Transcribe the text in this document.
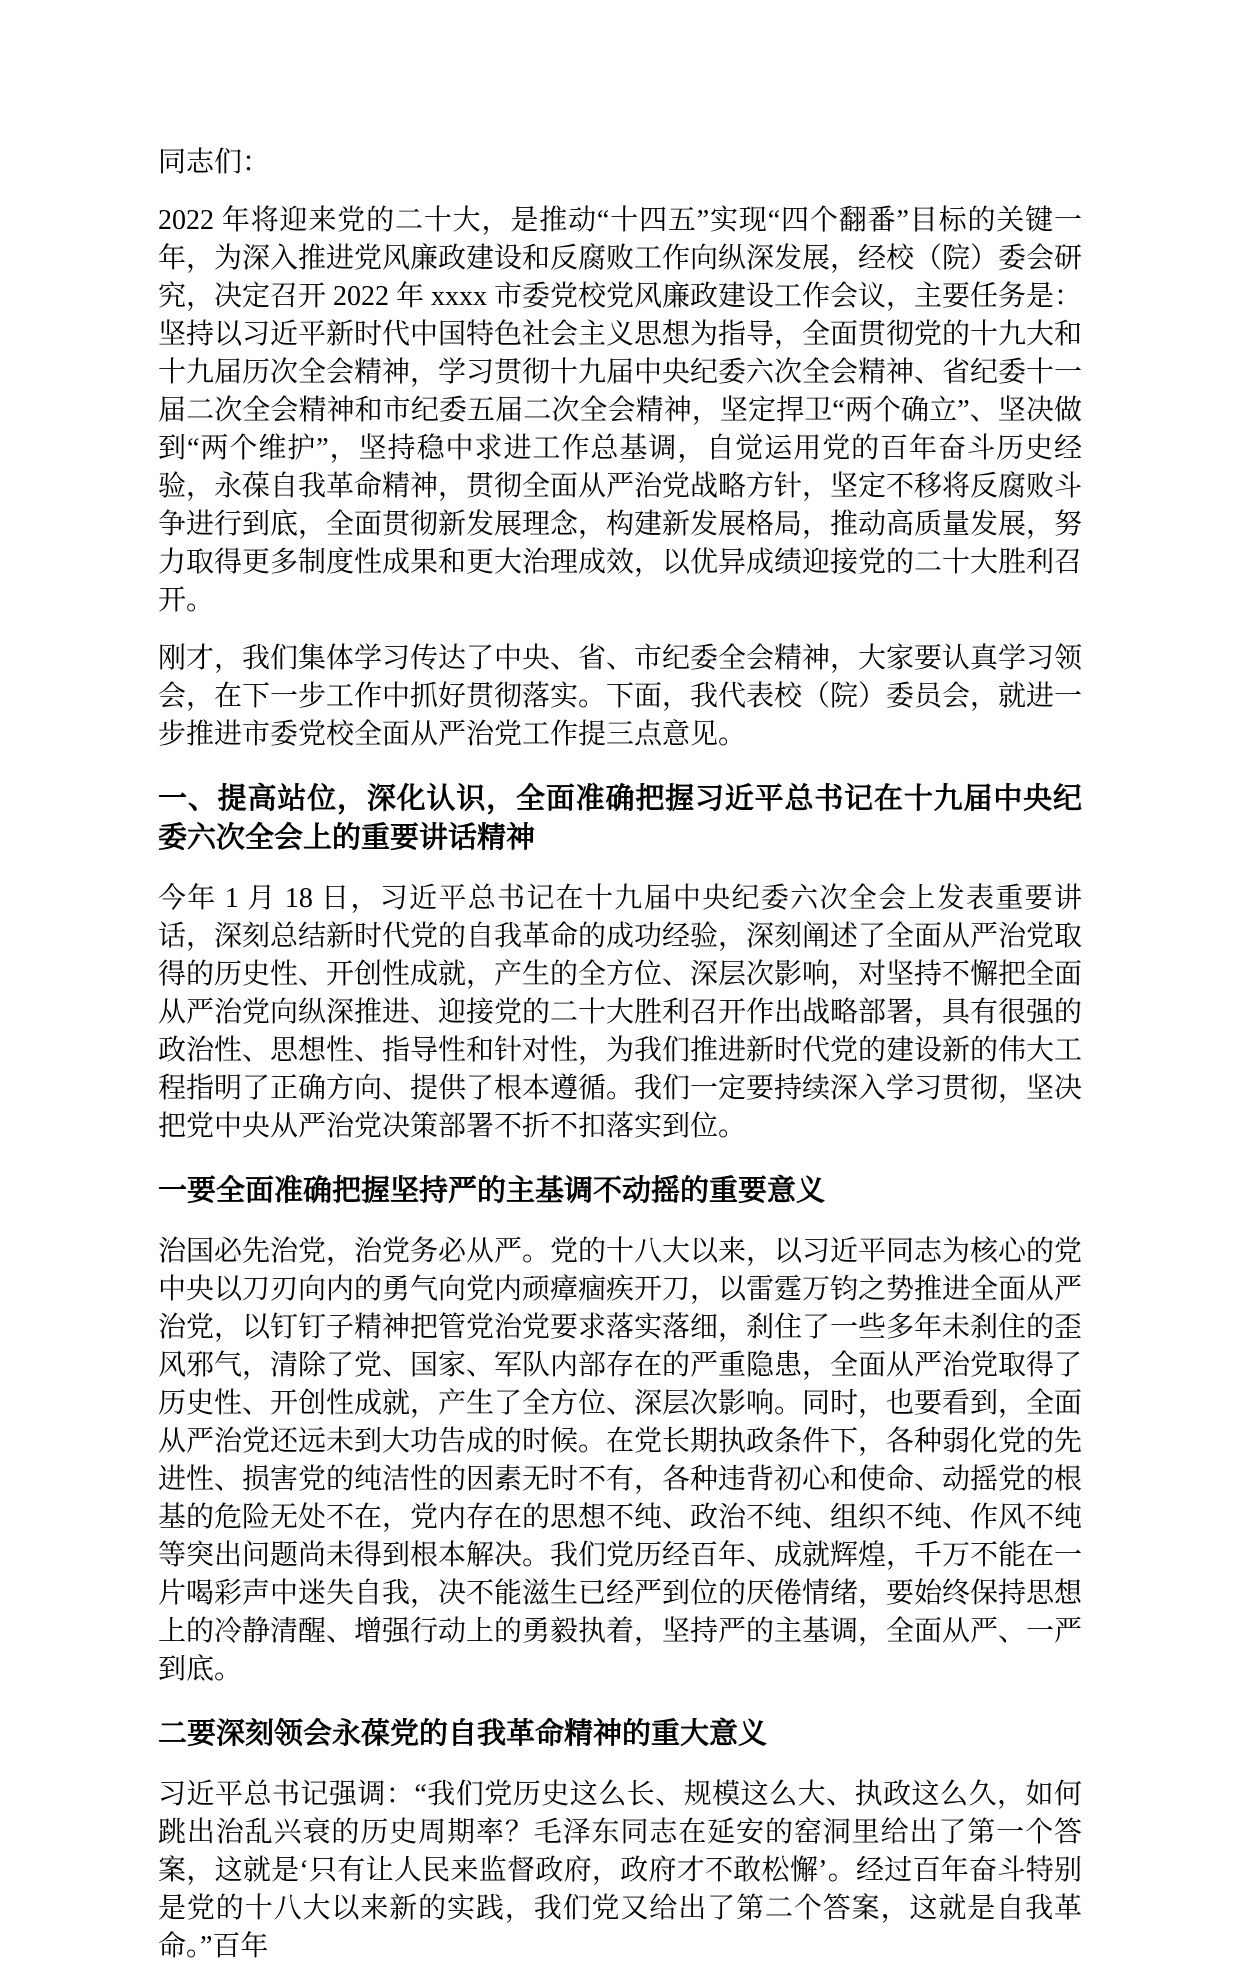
同志们：

2022 年将迎来党的二十大，是推动“十四五”实现“四个翻番”目标的关键一年，为深入推进党风廉政建设和反腐败工作向纵深发展，经校（院）委会研究，决定召开 2022 年 xxxx 市委党校党风廉政建设工作会议，主要任务是：坚持以习近平新时代中国特色社会主义思想为指导，全面贯彻党的十九大和十九届历次全会精神，学习贯彻十九届中央纪委六次全会精神、省纪委十一届二次全会精神和市纪委五届二次全会精神，坚定捍卫“两个确立”、坚决做到“两个维护”，坚持稳中求进工作总基调，自觉运用党的百年奋斗历史经验，永葆自我革命精神，贯彻全面从严治党战略方针，坚定不移将反腐败斗争进行到底，全面贯彻新发展理念，构建新发展格局，推动高质量发展，努力取得更多制度性成果和更大治理成效，以优异成绩迎接党的二十大胜利召开。

刚才，我们集体学习传达了中央、省、市纪委全会精神，大家要认真学习领会，在下一步工作中抓好贯彻落实。下面，我代表校（院）委员会，就进一步推进市委党校全面从严治党工作提三点意见。

一、提高站位，深化认识，全面准确把握习近平总书记在十九届中央纪委六次全会上的重要讲话精神

今年 1 月 18 日，习近平总书记在十九届中央纪委六次全会上发表重要讲话，深刻总结新时代党的自我革命的成功经验，深刻阐述了全面从严治党取得的历史性、开创性成就，产生的全方位、深层次影响，对坚持不懈把全面从严治党向纵深推进、迎接党的二十大胜利召开作出战略部署，具有很强的政治性、思想性、指导性和针对性，为我们推进新时代党的建设新的伟大工程指明了正确方向、提供了根本遵循。我们一定要持续深入学习贯彻，坚决把党中央从严治党决策部署不折不扣落实到位。

一要全面准确把握坚持严的主基调不动摇的重要意义

治国必先治党，治党务必从严。党的十八大以来，以习近平同志为核心的党中央以刀刃向内的勇气向党内顽瘴痼疾开刀，以雷霆万钧之势推进全面从严治党，以钉钉子精神把管党治党要求落实落细，刹住了一些多年未刹住的歪风邪气，清除了党、国家、军队内部存在的严重隐患，全面从严治党取得了历史性、开创性成就，产生了全方位、深层次影响。同时，也要看到，全面从严治党还远未到大功告成的时候。在党长期执政条件下，各种弱化党的先进性、损害党的纯洁性的因素无时不有，各种违背初心和使命、动摇党的根基的危险无处不在，党内存在的思想不纯、政治不纯、组织不纯、作风不纯等突出问题尚未得到根本解决。我们党历经百年、成就辉煌，千万不能在一片喝彩声中迷失自我，决不能滋生已经严到位的厌倦情绪，要始终保持思想上的冷静清醒、增强行动上的勇毅执着，坚持严的主基调，全面从严、一严到底。

二要深刻领会永葆党的自我革命精神的重大意义

习近平总书记强调：“我们党历史这么长、规模这么大、执政这么久，如何跳出治乱兴衰的历史周期率？毛泽东同志在延安的窑洞里给出了第一个答案，这就是‘只有让人民来监督政府，政府才不敢松懈’。经过百年奋斗特别是党的十八大以来新的实践，我们党又给出了第二个答案，这就是自我革命。”百年
